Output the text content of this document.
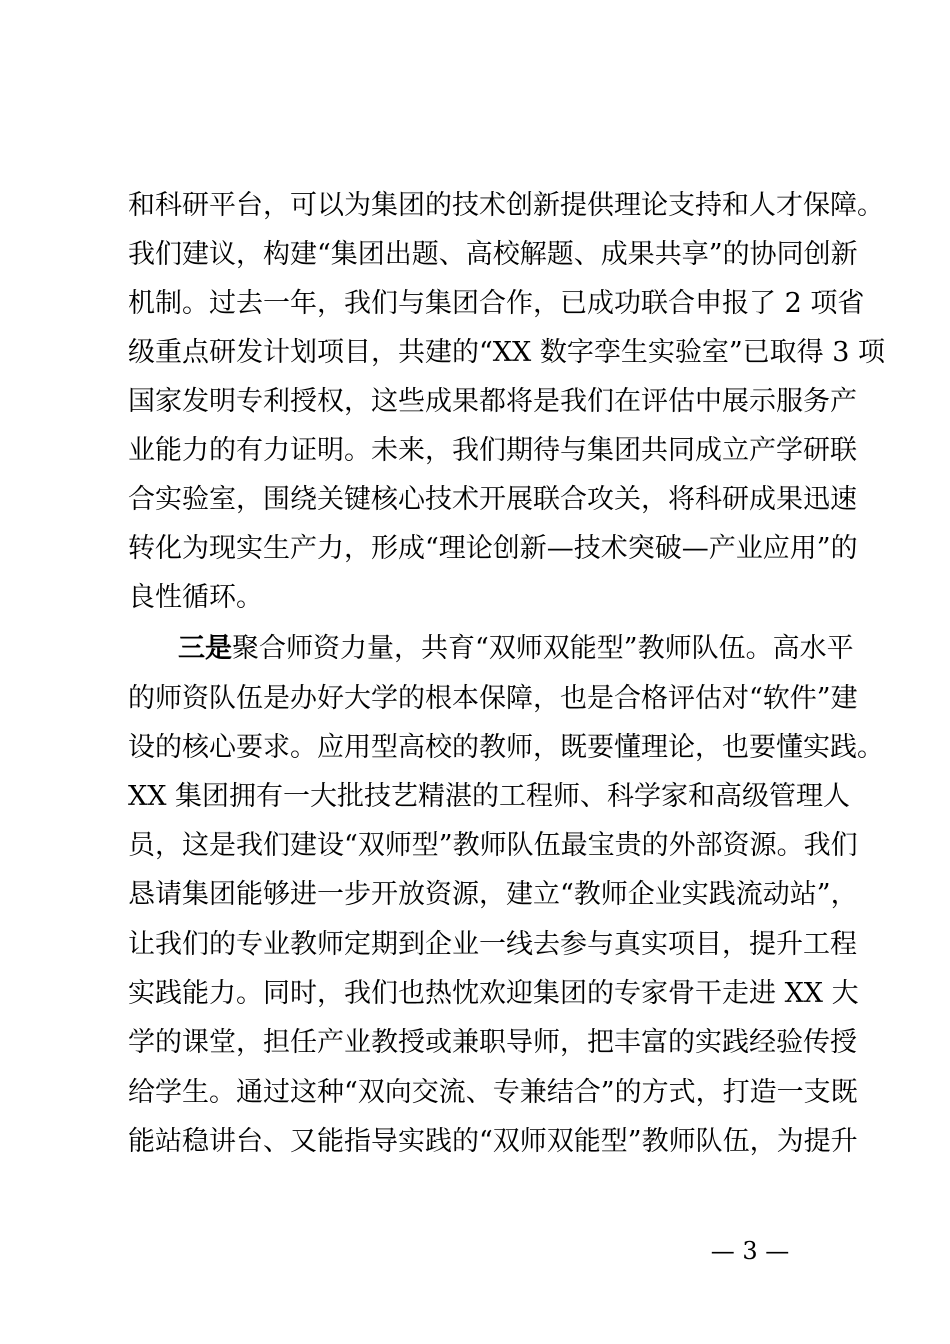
和科研平台，可以为集团的技术创新提供理论支持和人才保障。
我们建议，构建“集团出题、高校解题、成果共享”的协同创新
机制。过去一年，我们与集团合作，已成功联合申报了 2 项省
级重点研发计划项目，共建的“XX 数字孪生实验室”已取得 3 项
国家发明专利授权，这些成果都将是我们在评估中展示服务产
业能力的有力证明。未来，我们期待与集团共同成立产学研联
合实验室，围绕关键核心技术开展联合攻关，将科研成果迅速
转化为现实生产力，形成“理论创新—技术突破—产业应用”的
良性循环。
三是聚合师资力量，共育“双师双能型”教师队伍。高水平
的师资队伍是办好大学的根本保障，也是合格评估对“软件”建
设的核心要求。应用型高校的教师，既要懂理论，也要懂实践。
XX 集团拥有一大批技艺精湛的工程师、科学家和高级管理人
员，这是我们建设“双师型”教师队伍最宝贵的外部资源。我们
恳请集团能够进一步开放资源，建立“教师企业实践流动站”，
让我们的专业教师定期到企业一线去参与真实项目，提升工程
实践能力。同时，我们也热忱欢迎集团的专家骨干走进 XX 大
学的课堂，担任产业教授或兼职导师，把丰富的实践经验传授
给学生。通过这种“双向交流、专兼结合”的方式，打造一支既
能站稳讲台、又能指导实践的“双师双能型”教师队伍，为提升
— 3 —
